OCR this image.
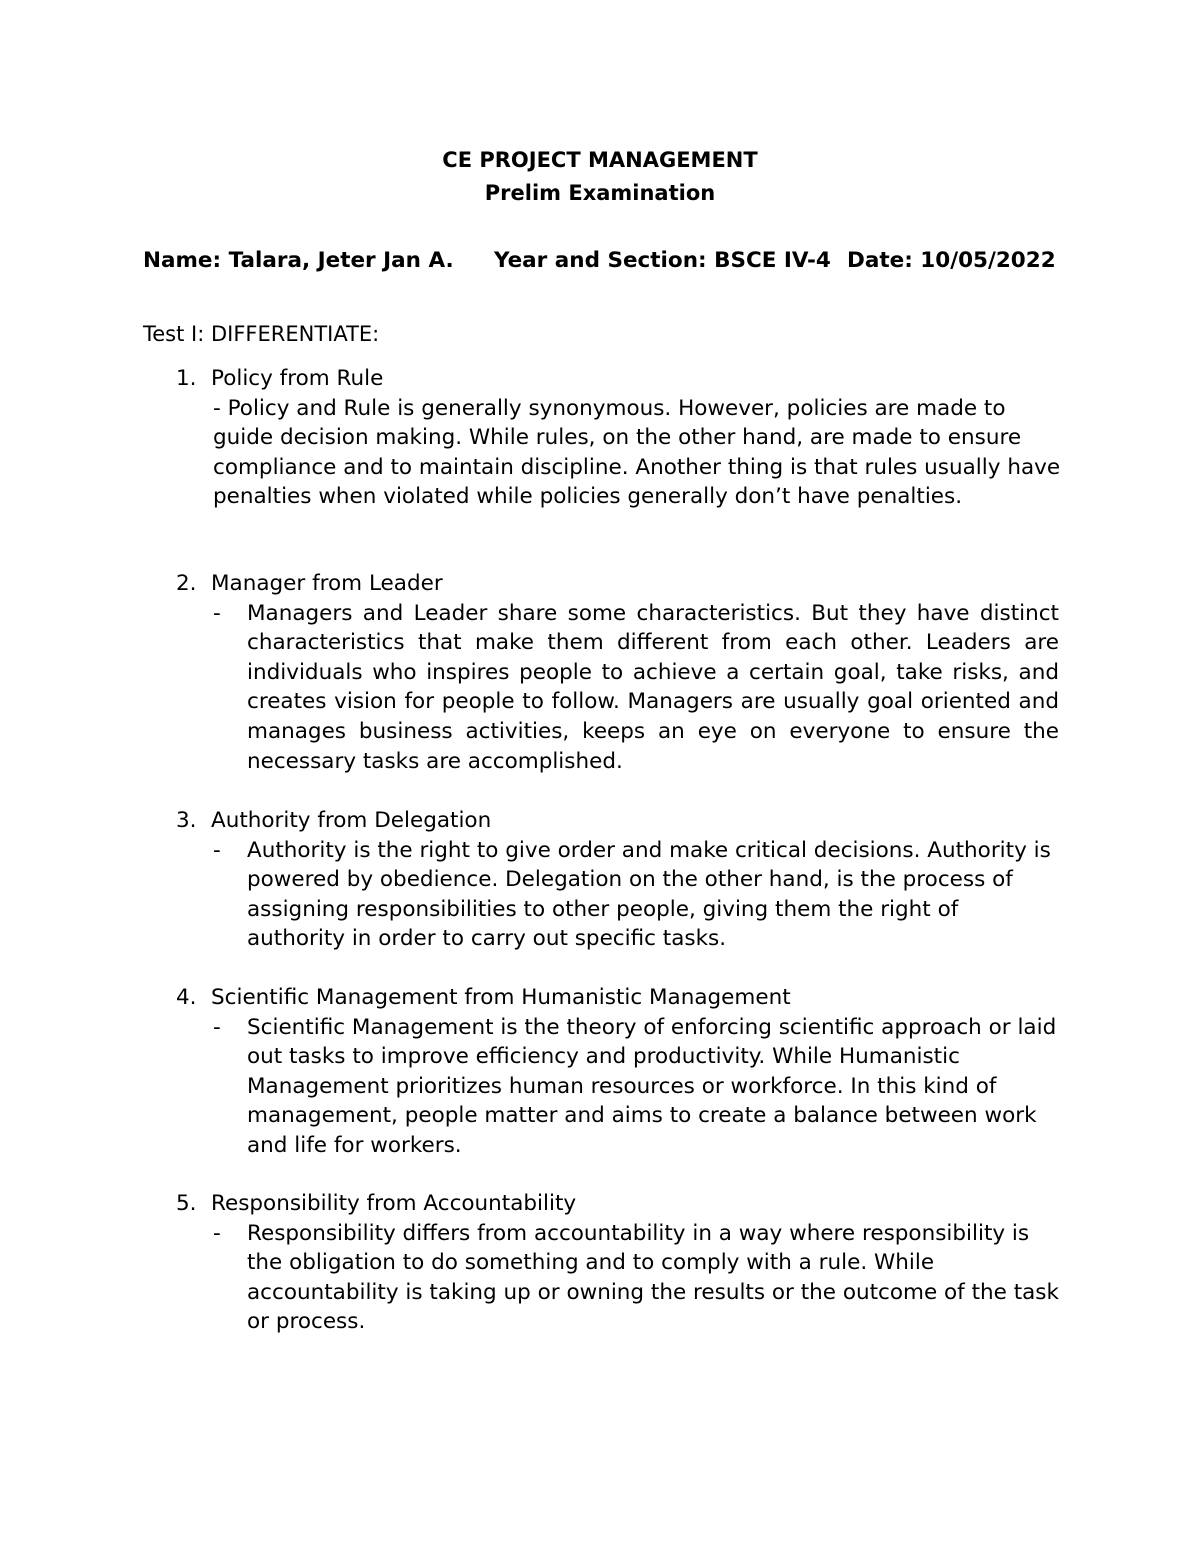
CE PROJECT MANAGEMENT
Prelim Examination
Name: Talara, Jeter Jan A. Year and Section: BSCE IV-4 Date: 10/05/2022
Test I: DIFFERENTIATE:
1. Policy from Rule
- Policy and Rule is generally synonymous. However, policies are made to guide decision making. While rules, on the other hand, are made to ensure compliance and to maintain discipline. Another thing is that rules usually have penalties when violated while policies generally don’t have penalties.
2. Manager from Leader
- Managers and Leader share some characteristics. But they have distinct characteristics that make them different from each other. Leaders are individuals who inspires people to achieve a certain goal, take risks, and creates vision for people to follow. Managers are usually goal oriented and manages business activities, keeps an eye on everyone to ensure the necessary tasks are accomplished.
3. Authority from Delegation
- Authority is the right to give order and make critical decisions. Authority is powered by obedience. Delegation on the other hand, is the process of assigning responsibilities to other people, giving them the right of authority in order to carry out specific tasks.
4. Scientific Management from Humanistic Management
- Scientific Management is the theory of enforcing scientific approach or laid out tasks to improve efficiency and productivity. While Humanistic Management prioritizes human resources or workforce. In this kind of management, people matter and aims to create a balance between work and life for workers.
5. Responsibility from Accountability
- Responsibility differs from accountability in a way where responsibility is the obligation to do something and to comply with a rule. While accountability is taking up or owning the results or the outcome of the task or process.
